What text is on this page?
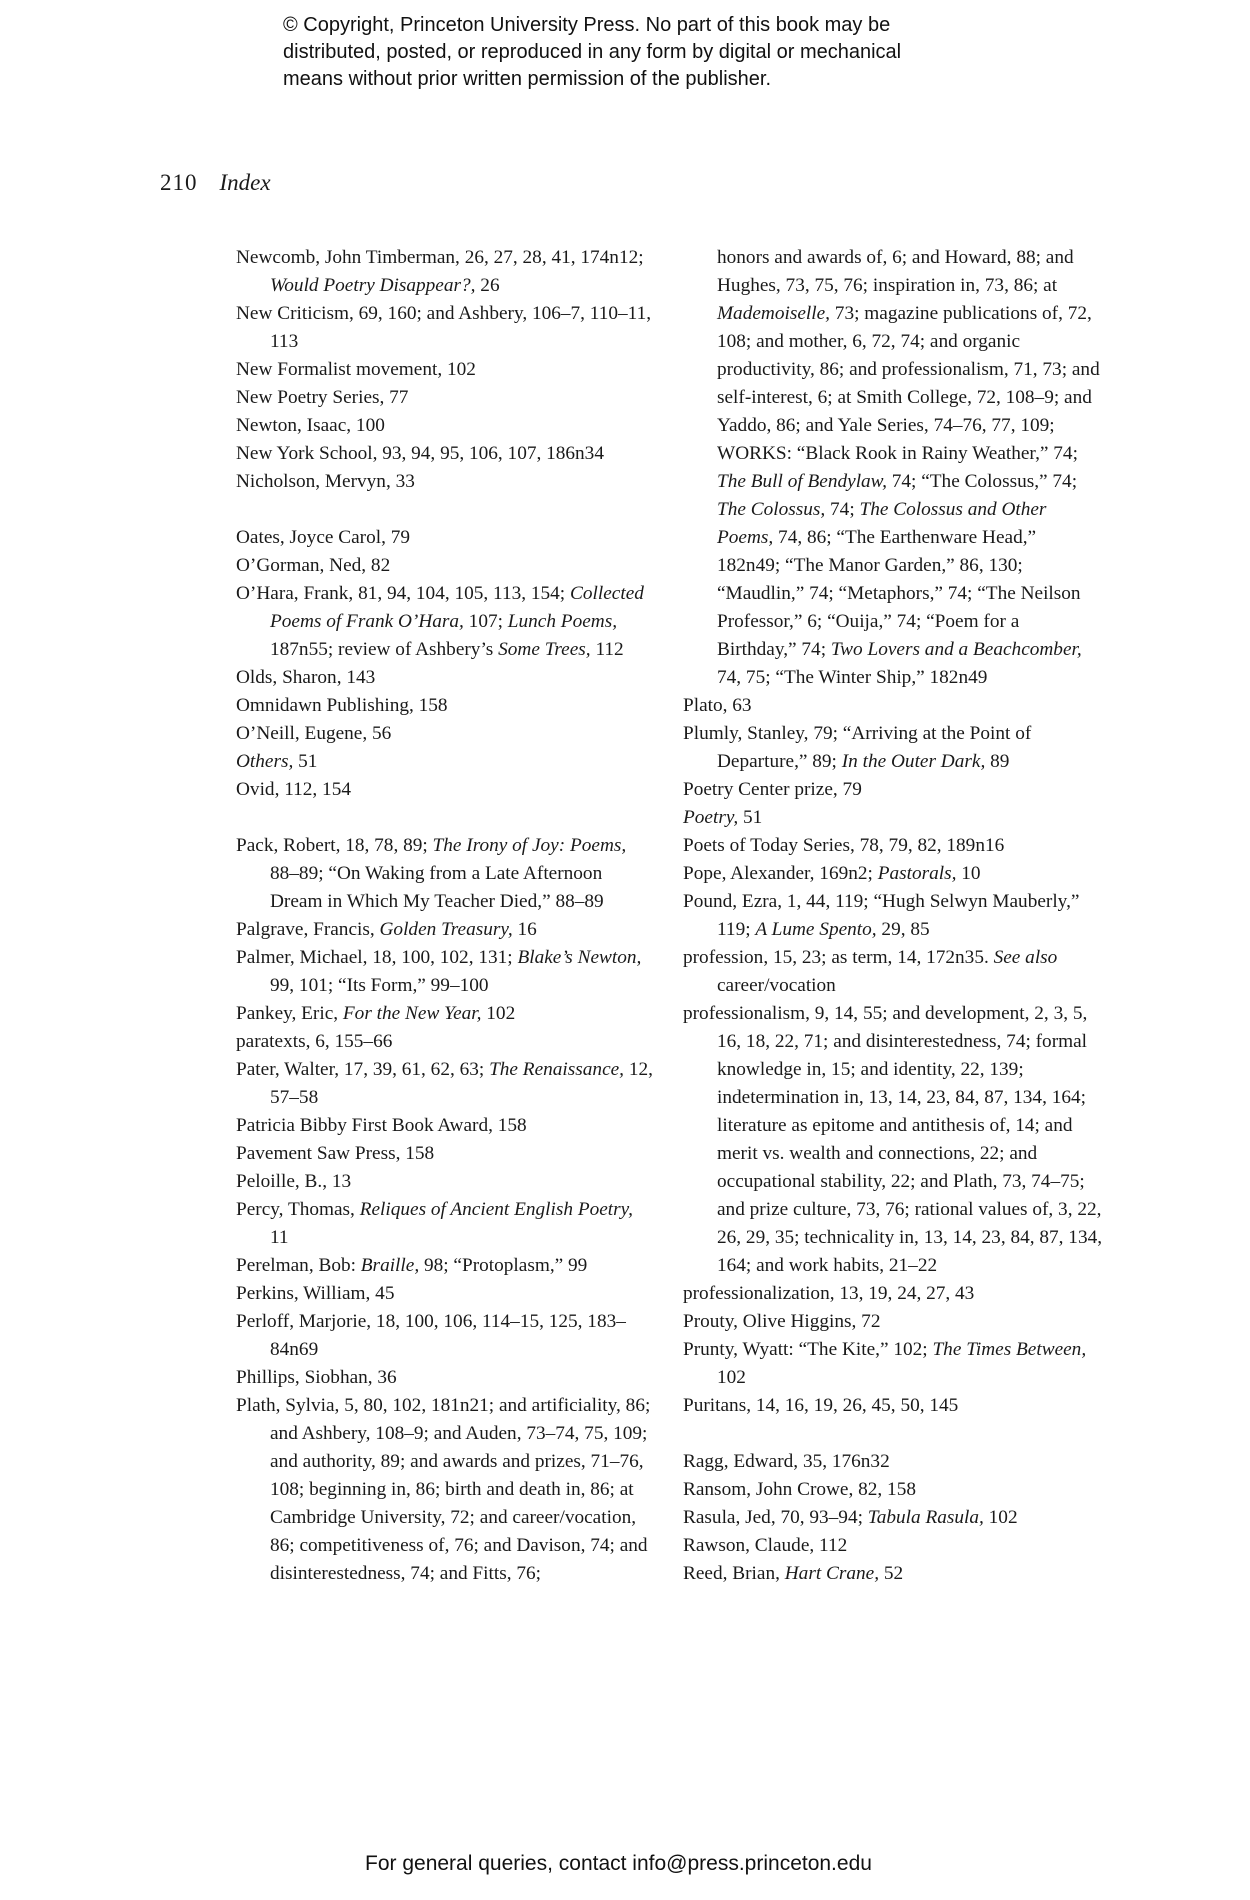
© Copyright, Princeton University Press. No part of this book may be
distributed, posted, or reproduced in any form by digital or mechanical
means without prior written permission of the publisher.
210 Index
Newcomb, John Timberman, 26, 27, 28, 41, 174n12; Would Poetry Disappear?, 26
New Criticism, 69, 160; and Ashbery, 106–7, 110–11, 113
New Formalist movement, 102
New Poetry Series, 77
Newton, Isaac, 100
New York School, 93, 94, 95, 106, 107, 186n34
Nicholson, Mervyn, 33
Oates, Joyce Carol, 79
O’Gorman, Ned, 82
O’Hara, Frank, 81, 94, 104, 105, 113, 154; Collected Poems of Frank O’Hara, 107; Lunch Poems, 187n55; review of Ashbery’s Some Trees, 112
Olds, Sharon, 143
Omnidawn Publishing, 158
O’Neill, Eugene, 56
Others, 51
Ovid, 112, 154
Pack, Robert, 18, 78, 89; The Irony of Joy: Poems, 88–89; “On Waking from a Late Afternoon Dream in Which My Teacher Died,” 88–89
Palgrave, Francis, Golden Treasury, 16
Palmer, Michael, 18, 100, 102, 131; Blake’s Newton, 99, 101; “Its Form,” 99–100
Pankey, Eric, For the New Year, 102
paratexts, 6, 155–66
Pater, Walter, 17, 39, 61, 62, 63; The Renaissance, 12, 57–58
Patricia Bibby First Book Award, 158
Pavement Saw Press, 158
Peloille, B., 13
Percy, Thomas, Reliques of Ancient English Poetry, 11
Perelman, Bob: Braille, 98; “Protoplasm,” 99
Perkins, William, 45
Perloff, Marjorie, 18, 100, 106, 114–15, 125, 183–84n69
Phillips, Siobhan, 36
Plath, Sylvia, 5, 80, 102, 181n21; and artificiality, 86; and Ashbery, 108–9; and Auden, 73–74, 75, 109; and authority, 89; and awards and prizes, 71–76, 108; beginning in, 86; birth and death in, 86; at Cambridge University, 72; and career/vocation, 86; competitiveness of, 76; and Davison, 74; and disinterestedness, 74; and Fitts, 76;
honors and awards of, 6; and Howard, 88; and Hughes, 73, 75, 76; inspiration in, 73, 86; at Mademoiselle, 73; magazine publications of, 72, 108; and mother, 6, 72, 74; and organic productivity, 86; and professionalism, 71, 73; and self-interest, 6; at Smith College, 72, 108–9; and Yaddo, 86; and Yale Series, 74–76, 77, 109; WORKS: “Black Rook in Rainy Weather,” 74; The Bull of Bendylaw, 74; “The Colossus,” 74; The Colossus, 74; The Colossus and Other Poems, 74, 86; “The Earthenware Head,” 182n49; “The Manor Garden,” 86, 130; “Maudlin,” 74; “Metaphors,” 74; “The Neilson Professor,” 6; “Ouija,” 74; “Poem for a Birthday,” 74; Two Lovers and a Beachcomber, 74, 75; “The Winter Ship,” 182n49
Plato, 63
Plumly, Stanley, 79; “Arriving at the Point of Departure,” 89; In the Outer Dark, 89
Poetry Center prize, 79
Poetry, 51
Poets of Today Series, 78, 79, 82, 189n16
Pope, Alexander, 169n2; Pastorals, 10
Pound, Ezra, 1, 44, 119; “Hugh Selwyn Mauberly,” 119; A Lume Spento, 29, 85
profession, 15, 23; as term, 14, 172n35. See also career/vocation
professionalism, 9, 14, 55; and development, 2, 3, 5, 16, 18, 22, 71; and disinterestedness, 74; formal knowledge in, 15; and identity, 22, 139; indetermination in, 13, 14, 23, 84, 87, 134, 164; literature as epitome and antithesis of, 14; and merit vs. wealth and connections, 22; and occupational stability, 22; and Plath, 73, 74–75; and prize culture, 73, 76; rational values of, 3, 22, 26, 29, 35; technicality in, 13, 14, 23, 84, 87, 134, 164; and work habits, 21–22
professionalization, 13, 19, 24, 27, 43
Prouty, Olive Higgins, 72
Prunty, Wyatt: “The Kite,” 102; The Times Between, 102
Puritans, 14, 16, 19, 26, 45, 50, 145
Ragg, Edward, 35, 176n32
Ransom, John Crowe, 82, 158
Rasula, Jed, 70, 93–94; Tabula Rasula, 102
Rawson, Claude, 112
Reed, Brian, Hart Crane, 52
For general queries, contact info@press.princeton.edu
